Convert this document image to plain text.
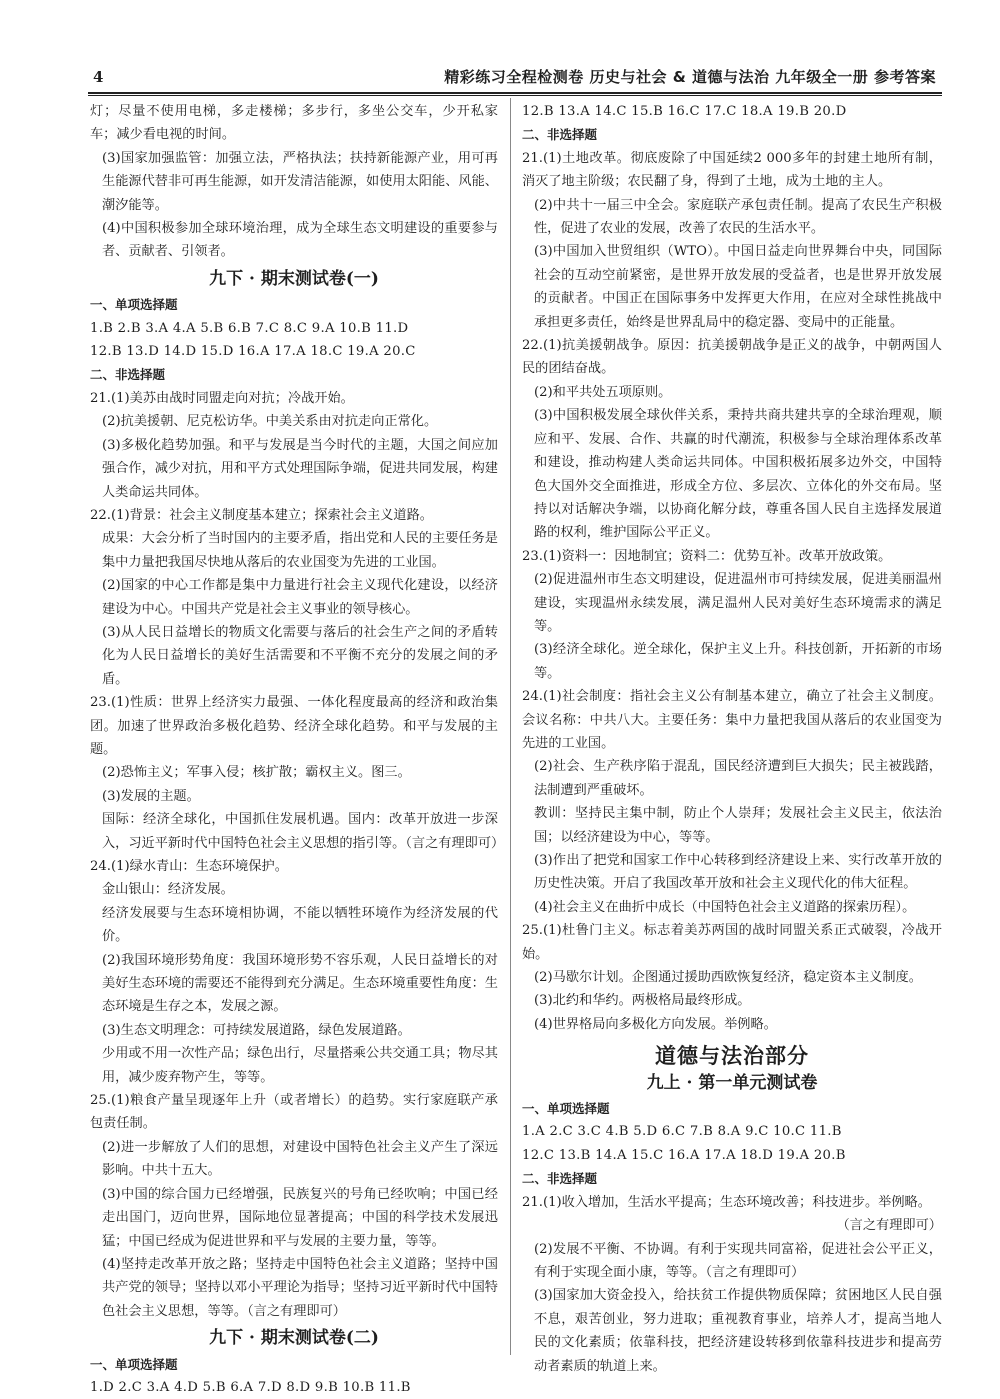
4	精彩练习全程检测卷 历史与社会 & 道德与法治 九年级全一册 参考答案
灯；尽量不使用电梯，多走楼梯；多步行，多坐公交车，少开私家车；减少看电视的时间。
(3)国家加强监管：加强立法，严格执法；扶持新能源产业，用可再生能源代替非可再生能源，如开发清洁能源，如使用太阳能、风能、潮汐能等。
(4)中国积极参加全球环境治理，成为全球生态文明建设的重要参与者、贡献者、引领者。
九下 · 期末测试卷(一)
一、单项选择题
1.B 2.B 3.A 4.A 5.B 6.B 7.C 8.C 9.A 10.B 11.D
12.B 13.D 14.D 15.D 16.A 17.A 18.C 19.A 20.C
二、非选择题
21.(1)美苏由战时同盟走向对抗；冷战开始。
(2)抗美援朝、尼克松访华。中美关系由对抗走向正常化。
(3)多极化趋势加强。和平与发展是当今时代的主题，大国之间应加强合作，减少对抗，用和平方式处理国际争端，促进共同发展，构建人类命运共同体。
22.(1)背景：社会主义制度基本建立；探索社会主义道路。
成果：大会分析了当时国内的主要矛盾，指出党和人民的主要任务是集中力量把我国尽快地从落后的农业国变为先进的工业国。
(2)国家的中心工作都是集中力量进行社会主义现代化建设，以经济建设为中心。中国共产党是社会主义事业的领导核心。
(3)从人民日益增长的物质文化需要与落后的社会生产之间的矛盾转化为人民日益增长的美好生活需要和不平衡不充分的发展之间的矛盾。
23.(1)性质：世界上经济实力最强、一体化程度最高的经济和政治集团。加速了世界政治多极化趋势、经济全球化趋势。和平与发展的主题。
(2)恐怖主义；军事入侵；核扩散；霸权主义。图三。
(3)发展的主题。
国际：经济全球化，中国抓住发展机遇。国内：改革开放进一步深入，习近平新时代中国特色社会主义思想的指引等。（言之有理即可）
24.(1)绿水青山：生态环境保护。
金山银山：经济发展。
经济发展要与生态环境相协调，不能以牺牲环境作为经济发展的代价。
(2)我国环境形势角度：我国环境形势不容乐观，人民日益增长的对美好生态环境的需要还不能得到充分满足。生态环境重要性角度：生态环境是生存之本，发展之源。
(3)生态文明理念：可持续发展道路，绿色发展道路。
少用或不用一次性产品；绿色出行，尽量搭乘公共交通工具；物尽其用，减少废弃物产生，等等。
25.(1)粮食产量呈现逐年上升（或者增长）的趋势。实行家庭联产承包责任制。
(2)进一步解放了人们的思想，对建设中国特色社会主义产生了深远影响。中共十五大。
(3)中国的综合国力已经增强，民族复兴的号角已经吹响；中国已经走出国门，迈向世界，国际地位显著提高；中国的科学技术发展迅猛；中国已经成为促进世界和平与发展的主要力量，等等。
(4)坚持走改革开放之路；坚持走中国特色社会主义道路；坚持中国共产党的领导；坚持以邓小平理论为指导；坚持习近平新时代中国特色社会主义思想，等等。（言之有理即可）
九下 · 期末测试卷(二)
一、单项选择题
1.D 2.C 3.A 4.D 5.B 6.A 7.D 8.D 9.B 10.B 11.B
12.B 13.A 14.C 15.B 16.C 17.C 18.A 19.B 20.D
二、非选择题
21.(1)土地改革。彻底废除了中国延续2 000多年的封建土地所有制，消灭了地主阶级；农民翻了身，得到了土地，成为土地的主人。
(2)中共十一届三中全会。家庭联产承包责任制。提高了农民生产积极性，促进了农业的发展，改善了农民的生活水平。
(3)中国加入世贸组织（WTO）。中国日益走向世界舞台中央，同国际社会的互动空前紧密，是世界开放发展的受益者，也是世界开放发展的贡献者。中国正在国际事务中发挥更大作用，在应对全球性挑战中承担更多责任，始终是世界乱局中的稳定器、变局中的正能量。
22.(1)抗美援朝战争。原因：抗美援朝战争是正义的战争，中朝两国人民的团结奋战。
(2)和平共处五项原则。
(3)中国积极发展全球伙伴关系，秉持共商共建共享的全球治理观，顺应和平、发展、合作、共赢的时代潮流，积极参与全球治理体系改革和建设，推动构建人类命运共同体。中国积极拓展多边外交，中国特色大国外交全面推进，形成全方位、多层次、立体化的外交布局。坚持以对话解决争端，以协商化解分歧，尊重各国人民自主选择发展道路的权利，维护国际公平正义。
23.(1)资料一：因地制宜；资料二：优势互补。改革开放政策。
(2)促进温州市生态文明建设，促进温州市可持续发展，促进美丽温州建设，实现温州永续发展，满足温州人民对美好生态环境需求的满足等。
(3)经济全球化。逆全球化，保护主义上升。科技创新，开拓新的市场等。
24.(1)社会制度：指社会主义公有制基本建立，确立了社会主义制度。会议名称：中共八大。主要任务：集中力量把我国从落后的农业国变为先进的工业国。
(2)社会、生产秩序陷于混乱，国民经济遭到巨大损失；民主被践踏，法制遭到严重破坏。
教训：坚持民主集中制，防止个人崇拜；发展社会主义民主，依法治国；以经济建设为中心，等等。
(3)作出了把党和国家工作中心转移到经济建设上来、实行改革开放的历史性决策。开启了我国改革开放和社会主义现代化的伟大征程。
(4)社会主义在曲折中成长（中国特色社会主义道路的探索历程）。
25.(1)杜鲁门主义。标志着美苏两国的战时同盟关系正式破裂，冷战开始。
(2)马歇尔计划。企图通过援助西欧恢复经济，稳定资本主义制度。
(3)北约和华约。两极格局最终形成。
(4)世界格局向多极化方向发展。举例略。
道德与法治部分
九上 · 第一单元测试卷
一、单项选择题
1.A 2.C 3.C 4.B 5.D 6.C 7.B 8.A 9.C 10.C 11.B
12.C 13.B 14.A 15.C 16.A 17.A 18.D 19.A 20.B
二、非选择题
21.(1)收入增加，生活水平提高；生态环境改善；科技进步。举例略。
（言之有理即可）
(2)发展不平衡、不协调。有利于实现共同富裕，促进社会公平正义，有利于实现全面小康，等等。（言之有理即可）
(3)国家加大资金投入，给扶贫工作提供物质保障；贫困地区人民自强不息，艰苦创业，努力进取；重视教育事业，培养人才，提高当地人民的文化素质；依靠科技，把经济建设转移到依靠科技进步和提高劳动者素质的轨道上来。
